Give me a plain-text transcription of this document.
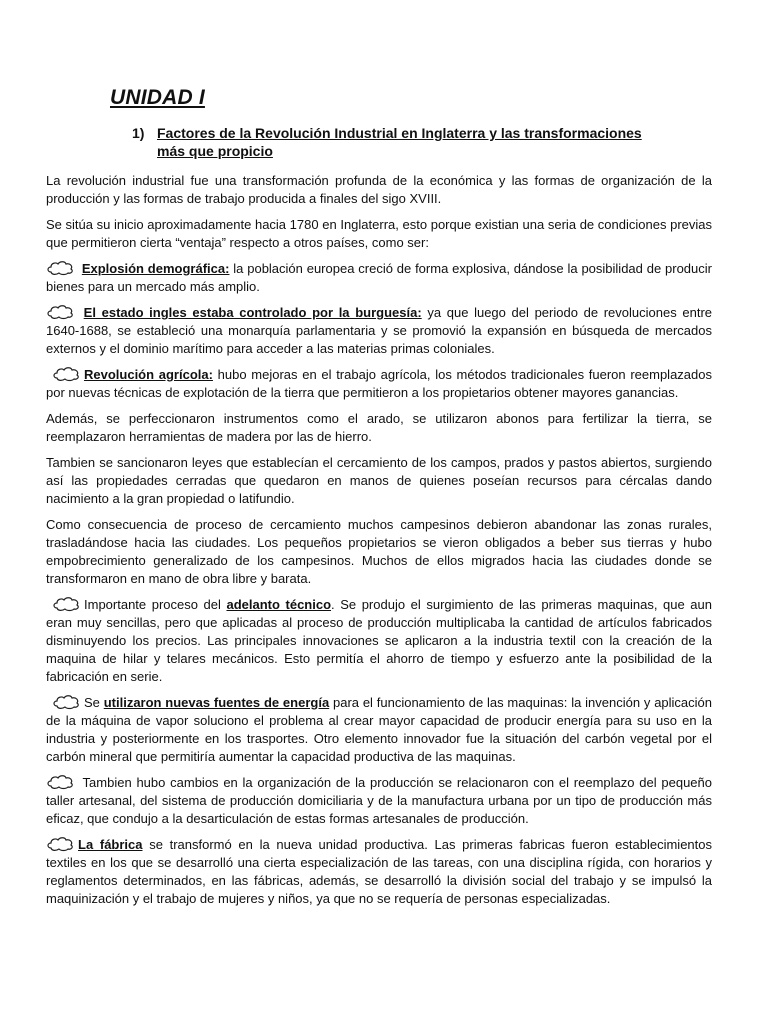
UNIDAD I
1) Factores de la Revolución Industrial en Inglaterra y las transformaciones más que propicio

La revolución industrial fue una transformación profunda de la económica y las formas de organización de la producción y las formas de trabajo producida a finales del sigo XVIII.

Se sitúa su inicio aproximadamente hacia 1780 en Inglaterra, esto porque existian una seria de condiciones previas que permitieron cierta “ventaja” respecto a otros países, como ser:

Explosión demográfica: la población europea creció de forma explosiva, dándose la posibilidad de producir bienes para un mercado más amplio.

El estado ingles estaba controlado por la burguesía: ya que luego del periodo de revoluciones entre 1640-1688, se estableció una monarquía parlamentaria y se promovió la expansión en búsqueda de mercados externos y el dominio marítimo para acceder a las materias primas coloniales.

Revolución agrícola: hubo mejoras en el trabajo agrícola, los métodos tradicionales fueron reemplazados por nuevas técnicas de explotación de la tierra que permitieron a los propietarios obtener mayores ganancias.

Además, se perfeccionaron instrumentos como el arado, se utilizaron abonos para fertilizar la tierra, se reemplazaron herramientas de madera por las de hierro.

Tambien se sancionaron leyes que establecían el cercamiento de los campos, prados y pastos abiertos, surgiendo así las propiedades cerradas que quedaron en manos de quienes poseían recursos para cércalas dando nacimiento a la gran propiedad o latifundio.

Como consecuencia de proceso de cercamiento muchos campesinos debieron abandonar las zonas rurales, trasladándose hacia las ciudades. Los pequeños propietarios se vieron obligados a beber sus tierras y hubo empobrecimiento generalizado de los campesinos. Muchos de ellos migrados hacia las ciudades donde se transformaron en mano de obra libre y barata.

Importante proceso del adelanto técnico. Se produjo el surgimiento de las primeras maquinas, que aun eran muy sencillas, pero que aplicadas al proceso de producción multiplicaba la cantidad de artículos fabricados disminuyendo los precios. Las principales innovaciones se aplicaron a la industria textil con la creación de la maquina de hilar y telares mecánicos. Esto permitía el ahorro de tiempo y esfuerzo ante la posibilidad de la fabricación en serie.

Se utilizaron nuevas fuentes de energía para el funcionamiento de las maquinas: la invención y aplicación de la máquina de vapor soluciono el problema al crear mayor capacidad de producir energía para su uso en la industria y posteriormente en los trasportes. Otro elemento innovador fue la situación del carbón vegetal por el carbón mineral que permitiría aumentar la capacidad productiva de las maquinas.

Tambien hubo cambios en la organización de la producción se relacionaron con el reemplazo del pequeño taller artesanal, del sistema de producción domiciliaria y de la manufactura urbana por un tipo de producción más eficaz, que condujo a la desarticulación de estas formas artesanales de producción.

La fábrica se transformó en la nueva unidad productiva. Las primeras fabricas fueron establecimientos textiles en los que se desarrolló una cierta especialización de las tareas, con una disciplina rígida, con horarios y reglamentos determinados, en las fábricas, además, se desarrolló la división social del trabajo y se impulsó la maquinización y el trabajo de mujeres y niños, ya que no se requería de personas especializadas.
